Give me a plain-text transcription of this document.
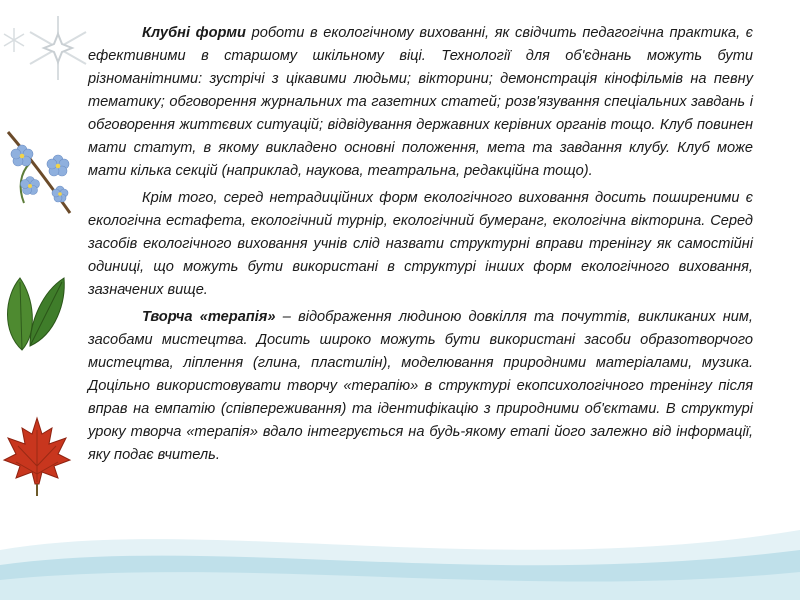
Клубні форми роботи в екологічному вихованні, як свідчить педагогічна практика, є ефективними в старшому шкільному віці. Технології для об'єднань можуть бути різноманітними: зустрічі з цікавими людьми; вікторини; демонстрація кінофільмів на певну тематику; обговорення журнальних та газетних статей; розв'язування спеціальних завдань і обговорення життєвих ситуацій; відвідування державних керівних органів тощо. Клуб повинен мати статут, в якому викладено основні положення, мета та завдання клубу. Клуб може мати кілька секцій (наприклад, наукова, театральна, редакційна тощо).

Крім того, серед нетрадиційних форм екологічного виховання досить поширеними є екологічна естафета, екологічний турнір, екологічний бумеранг, екологічна вікторина. Серед засобів екологічного виховання учнів слід назвати структурні вправи тренінгу як самостійні одиниці, що можуть бути використані в структурі інших форм екологічного виховання, зазначених вище.

Творча «терапія» – відображення людиною довкілля та почуттів, викликаних ним, засобами мистецтва. Досить широко можуть бути використані засоби образотворчого мистецтва, ліплення (глина, пластилін), моделювання природними матеріалами, музика. Доцільно використовувати творчу «терапію» в структурі екопсихологічного тренінгу після вправ на емпатію (співпереживання) та ідентифікацію з природними об'єктами. В структурі уроку творча «терапія» вдало інтегрується на будь-якому етапі його залежно від інформації, яку подає вчитель.
